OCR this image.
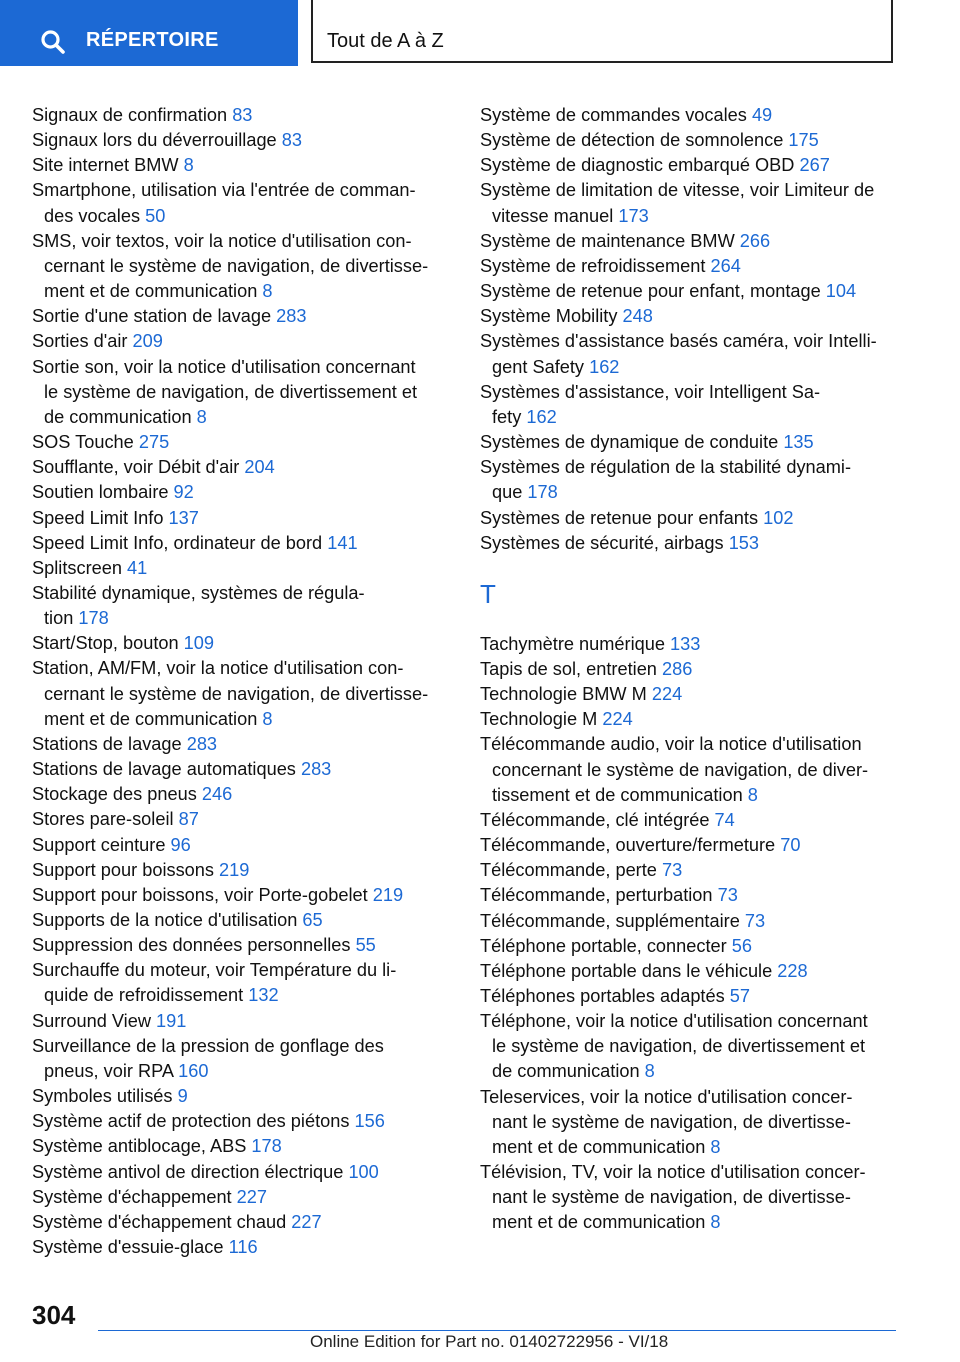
RÉPERTOIRE	Tout de A à Z
Signaux de confirmation 83
Signaux lors du déverrouillage 83
Site internet BMW 8
Smartphone, utilisation via l'entrée de comman-
des vocales 50
SMS, voir textos, voir la notice d'utilisation con-
cernant le système de navigation, de divertisse-
ment et de communication 8
Sortie d'une station de lavage 283
Sorties d'air 209
Sortie son, voir la notice d'utilisation concernant
le système de navigation, de divertissement et
de communication 8
SOS Touche 275
Soufflante, voir Débit d'air 204
Soutien lombaire 92
Speed Limit Info 137
Speed Limit Info, ordinateur de bord 141
Splitscreen 41
Stabilité dynamique, systèmes de régula-
tion 178
Start/Stop, bouton 109
Station, AM/FM, voir la notice d'utilisation con-
cernant le système de navigation, de divertisse-
ment et de communication 8
Stations de lavage 283
Stations de lavage automatiques 283
Stockage des pneus 246
Stores pare-soleil 87
Support ceinture 96
Support pour boissons 219
Support pour boissons, voir Porte-gobelet 219
Supports de la notice d'utilisation 65
Suppression des données personnelles 55
Surchauffe du moteur, voir Température du li-
quide de refroidissement 132
Surround View 191
Surveillance de la pression de gonflage des
pneus, voir RPA 160
Symboles utilisés 9
Système actif de protection des piétons 156
Système antiblocage, ABS 178
Système antivol de direction électrique 100
Système d'échappement 227
Système d'échappement chaud 227
Système d'essuie-glace 116
Système de commandes vocales 49
Système de détection de somnolence 175
Système de diagnostic embarqué OBD 267
Système de limitation de vitesse, voir Limiteur de
vitesse manuel 173
Système de maintenance BMW 266
Système de refroidissement 264
Système de retenue pour enfant, montage 104
Système Mobility 248
Systèmes d'assistance basés caméra, voir Intelli-
gent Safety 162
Systèmes d'assistance, voir Intelligent Sa-
fety 162
Systèmes de dynamique de conduite 135
Systèmes de régulation de la stabilité dynami-
que 178
Systèmes de retenue pour enfants 102
Systèmes de sécurité, airbags 153
T
Tachymètre numérique 133
Tapis de sol, entretien 286
Technologie BMW M 224
Technologie M 224
Télécommande audio, voir la notice d'utilisation
concernant le système de navigation, de diver-
tissement et de communication 8
Télécommande, clé intégrée 74
Télécommande, ouverture/fermeture 70
Télécommande, perte 73
Télécommande, perturbation 73
Télécommande, supplémentaire 73
Téléphone portable, connecter 56
Téléphone portable dans le véhicule 228
Téléphones portables adaptés 57
Téléphone, voir la notice d'utilisation concernant
le système de navigation, de divertissement et
de communication 8
Teleservices, voir la notice d'utilisation concer-
nant le système de navigation, de divertisse-
ment et de communication 8
Télévision, TV, voir la notice d'utilisation concer-
nant le système de navigation, de divertisse-
ment et de communication 8
304
Online Edition for Part no. 01402722956 - VI/18
